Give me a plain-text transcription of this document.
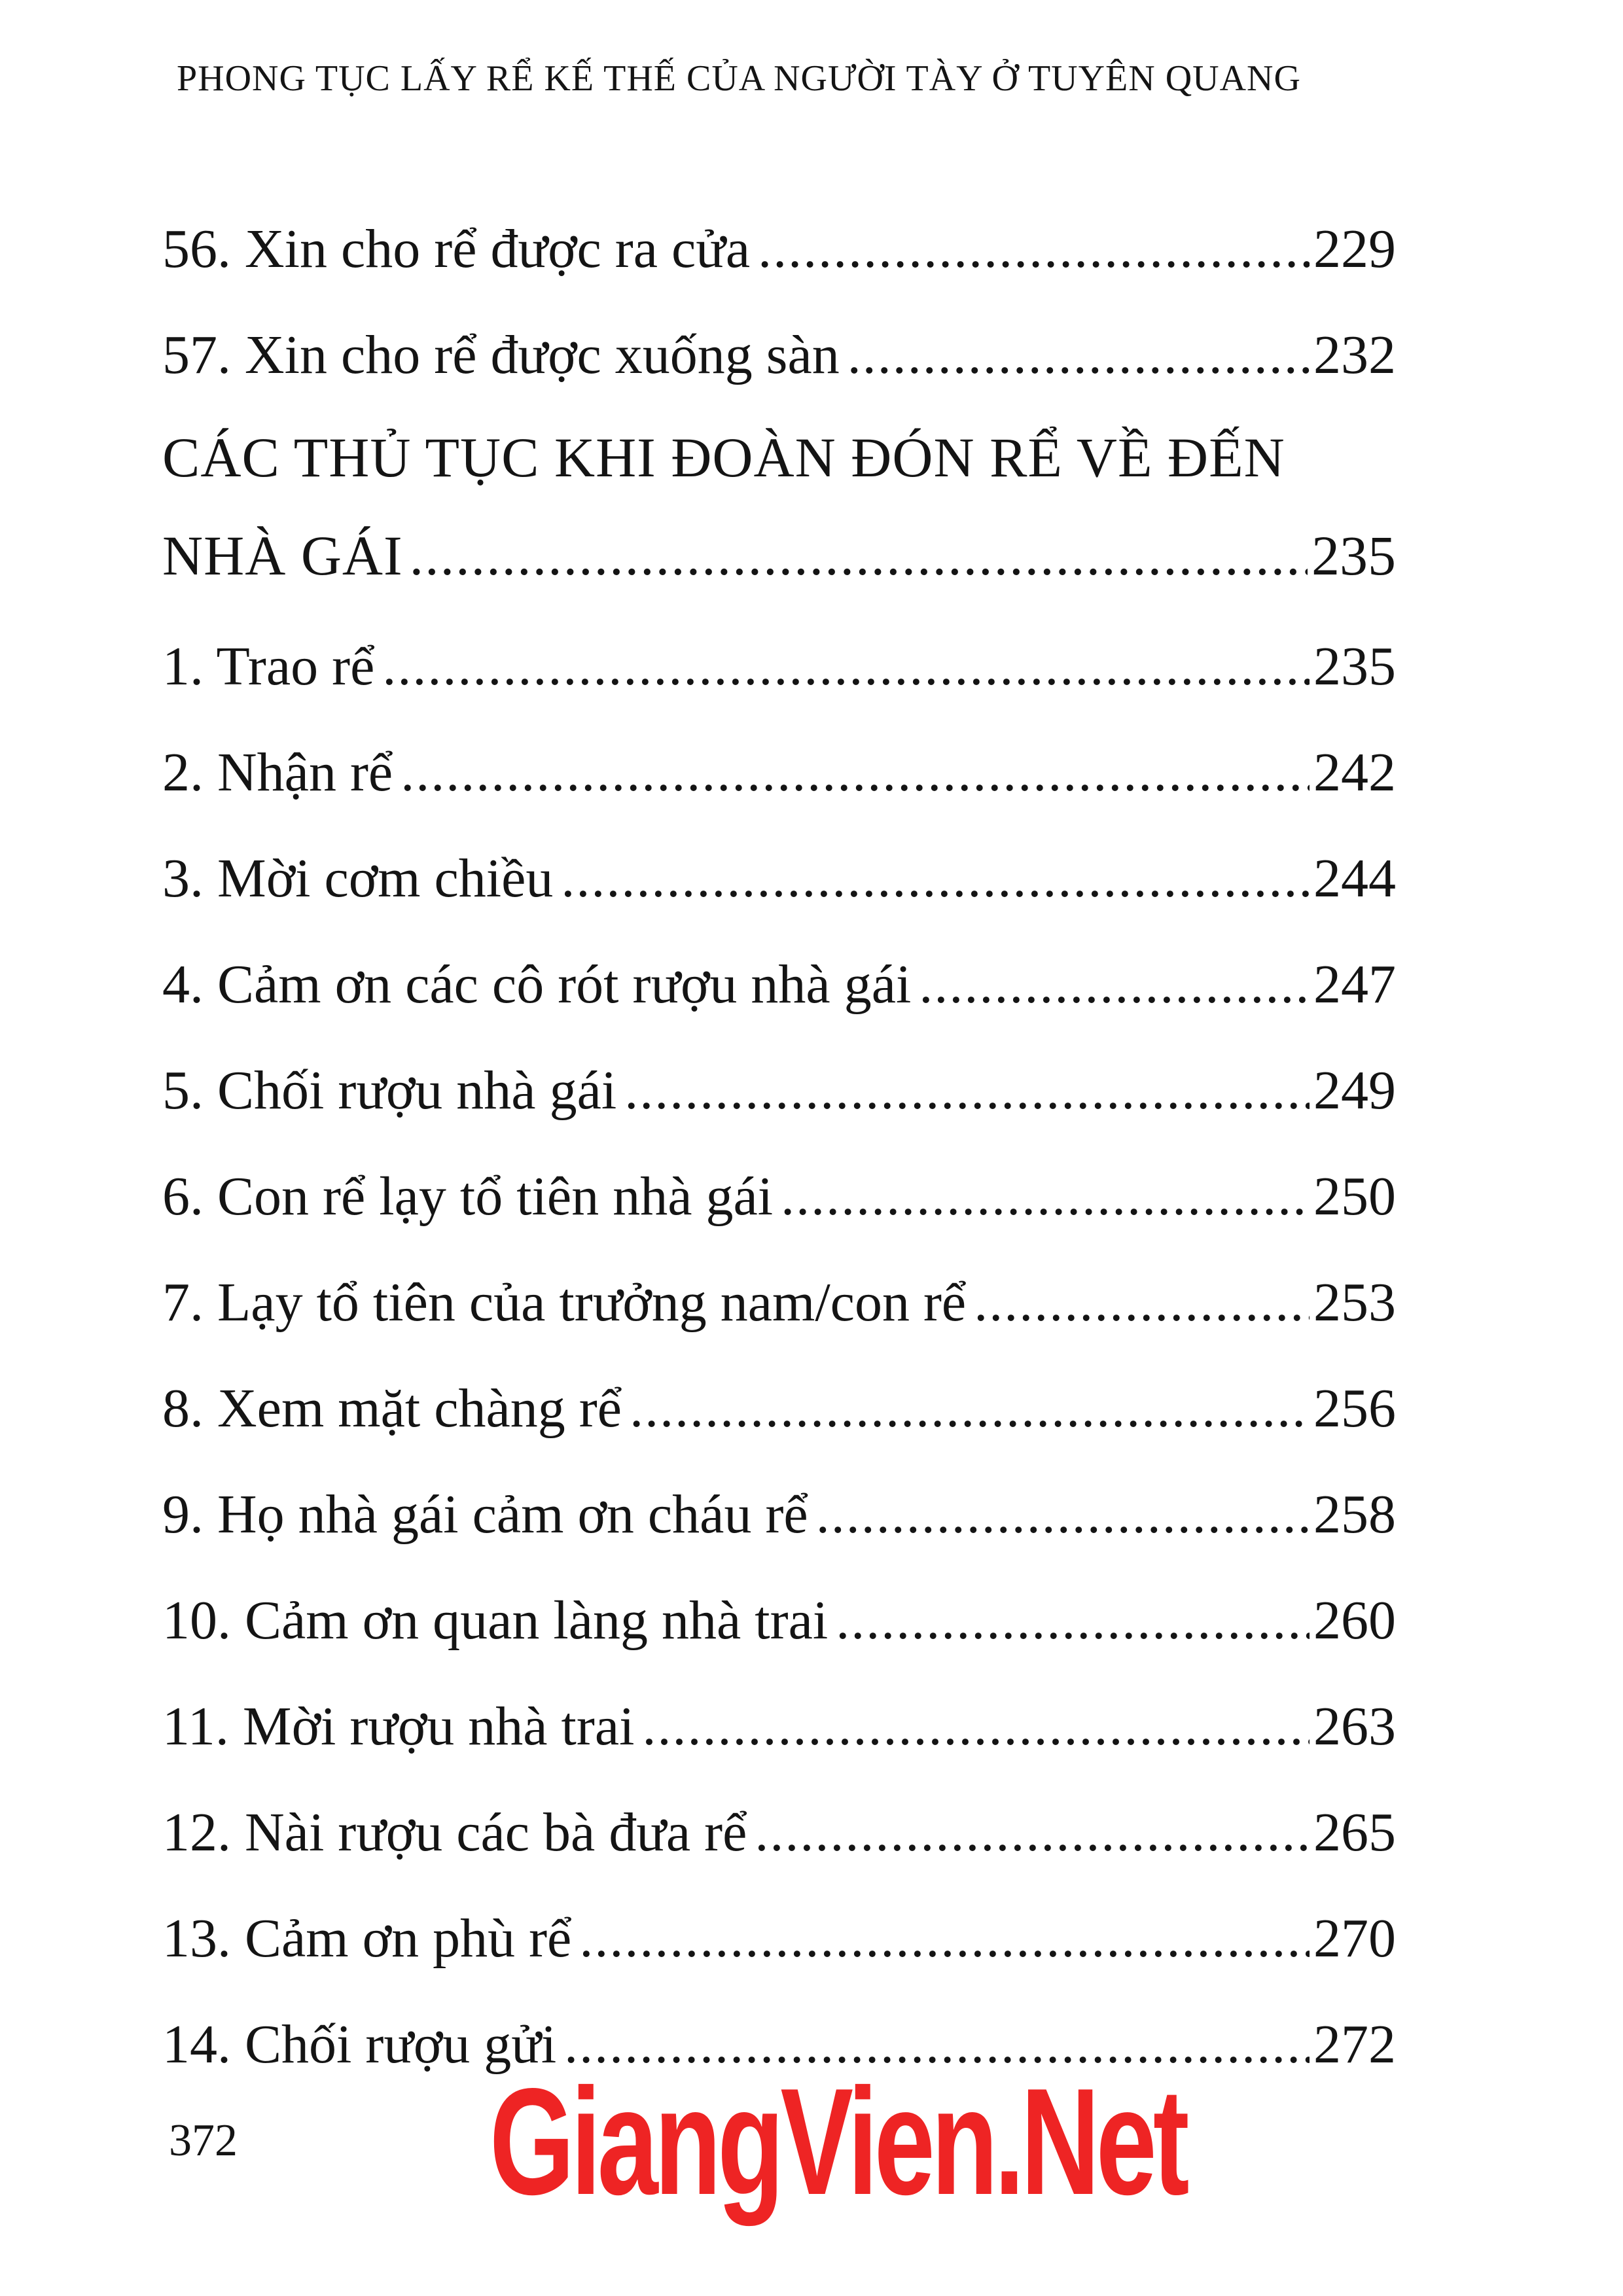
PHONG TỤC LẤY RỂ KẾ THẾ CỦA NGƯỜI TÀY Ở TUYÊN QUANG
56. Xin cho rể được ra cửa .....	229
57. Xin cho rể được xuống sàn .....	232
CÁC THỦ TỤC KHI ĐOÀN ĐÓN RỂ VỀ ĐẾN
NHÀ GÁI .....	235
1. Trao rể .....	235
2. Nhận rể .....	242
3. Mời cơm chiều .....	244
4. Cảm ơn các cô rót rượu nhà gái .....	247
5. Chối rượu nhà gái .....	249
6. Con rể lạy tổ tiên nhà gái .....	250
7. Lạy tổ tiên của trưởng nam/con rể .....	253
8. Xem mặt chàng rể .....	256
9. Họ nhà gái cảm ơn cháu rể .....	258
10. Cảm ơn quan làng nhà trai .....	260
11. Mời rượu nhà trai .....	263
12. Nài rượu các bà đưa rể .....	265
13. Cảm ơn phù rể .....	270
14. Chối rượu gửi .....	272
372 GiangVien.Net
